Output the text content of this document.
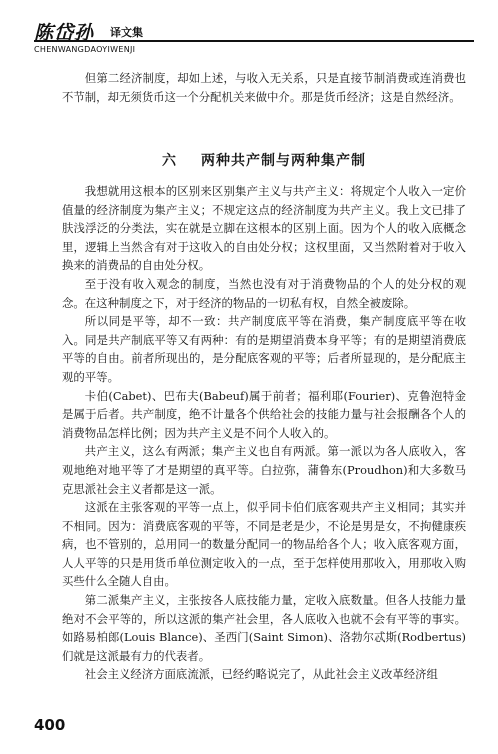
陈岱孙 译文集
CHENWANGDAOYIWENJI

但第二经济制度，却如上述，与收入无关系，只是直接节制消费或连消费也不节制，却无须货币这一个分配机关来做中介。那是货币经济；这是自然经济。

六 两种共产制与两种集产制

我想就用这根本的区别来区别集产主义与共产主义：将规定个人收入一定价值量的经济制度为集产主义；不规定这点的经济制度为共产主义。我上文已排了肤浅浮泛的分类法，实在就是立脚在这根本的区别上面。因为个人的收入底概念里，逻辑上当然含有对于这收入的自由处分权；这权里面，又当然附着对于收入换来的消费品的自由处分权。

至于没有收入观念的制度，当然也没有对于消费物品的个人的处分权的观念。在这种制度之下，对于经济的物品的一切私有权，自然全被废除。

所以同是平等，却不一致：共产制度底平等在消费，集产制度底平等在收入。同是共产制底平等又有两种：有的是期望消费本身平等；有的是期望消费底平等的自由。前者所现出的，是分配底客观的平等；后者所显现的，是分配底主观的平等。

卡伯(Cabet)、巴布夫(Babeuf)属于前者；福利耶(Fourier)、克鲁泡特金是属于后者。共产制度，绝不计量各个供给社会的技能力量与社会报酬各个人的消费物品怎样比例；因为共产主义是不问个人收入的。

共产主义，这么有两派；集产主义也自有两派。第一派以为各人底收入，客观地绝对地平等了才是期望的真平等。白拉弥，蒲鲁东(Proudhon)和大多数马克思派社会主义者都是这一派。

这派在主张客观的平等一点上，似乎同卡伯们底客观共产主义相同；其实并不相同。因为：消费底客观的平等，不同是老是少，不论是男是女，不拘健康疾病，也不管别的，总用同一的数量分配同一的物品给各个人；收入底客观方面，人人平等的只是用货币单位测定收入的一点，至于怎样使用那收入，用那收入购买些什么全随人自由。

第二派集产主义，主张按各人底技能力量，定收入底数量。但各人技能力量绝对不会平等的，所以这派的集产社会里，各人底收入也就不会有平等的事实。如路易柏郎(Louis Blance)、圣西门(Saint Simon)、洛勃尔忒斯(Rodbertus)们就是这派最有力的代表者。

社会主义经济方面底流派，已经约略说完了，从此社会主义改革经济组

400
